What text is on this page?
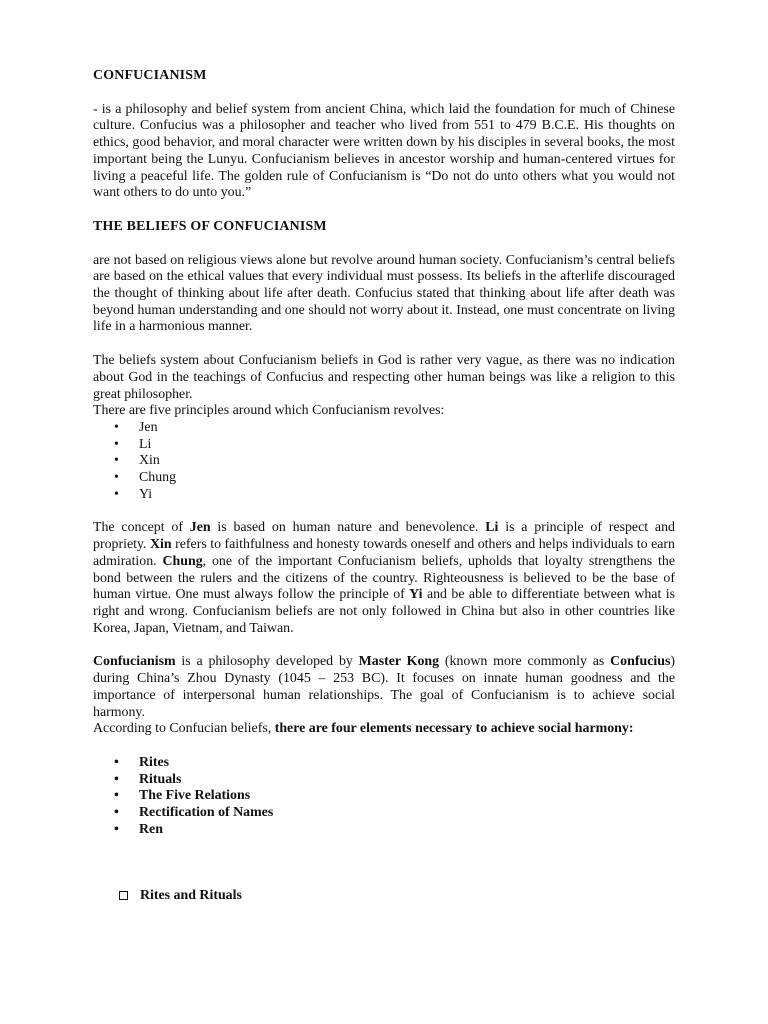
CONFUCIANISM

- is a philosophy and belief system from ancient China, which laid the foundation for much of Chinese culture. Confucius was a philosopher and teacher who lived from 551 to 479 B.C.E. His thoughts on ethics, good behavior, and moral character were written down by his disciples in several books, the most important being the Lunyu. Confucianism believes in ancestor worship and human-centered virtues for living a peaceful life. The golden rule of Confucianism is “Do not do unto others what you would not want others to do unto you.”

THE BELIEFS OF CONFUCIANISM

are not based on religious views alone but revolve around human society. Confucianism’s central beliefs are based on the ethical values that every individual must possess. Its beliefs in the afterlife discouraged the thought of thinking about life after death. Confucius stated that thinking about life after death was beyond human understanding and one should not worry about it. Instead, one must concentrate on living life in a harmonious manner.

The beliefs system about Confucianism beliefs in God is rather very vague, as there was no indication about God in the teachings of Confucius and respecting other human beings was like a religion to this great philosopher.

There are five principles around which Confucianism revolves:

• Jen
• Li
• Xin
• Chung
• Yi

The concept of Jen is based on human nature and benevolence. Li is a principle of respect and propriety. Xin refers to faithfulness and honesty towards oneself and others and helps individuals to earn admiration. Chung, one of the important Confucianism beliefs, upholds that loyalty strengthens the bond between the rulers and the citizens of the country. Righteousness is believed to be the base of human virtue. One must always follow the principle of Yi and be able to differentiate between what is right and wrong. Confucianism beliefs are not only followed in China but also in other countries like Korea, Japan, Vietnam, and Taiwan.

Confucianism is a philosophy developed by Master Kong (known more commonly as Confucius) during China’s Zhou Dynasty (1045 – 253 BC). It focuses on innate human goodness and the importance of interpersonal human relationships. The goal of Confucianism is to achieve social harmony.

According to Confucian beliefs, there are four elements necessary to achieve social harmony:

• Rites
• Rituals
• The Five Relations
• Rectification of Names
• Ren
Rites and Rituals
